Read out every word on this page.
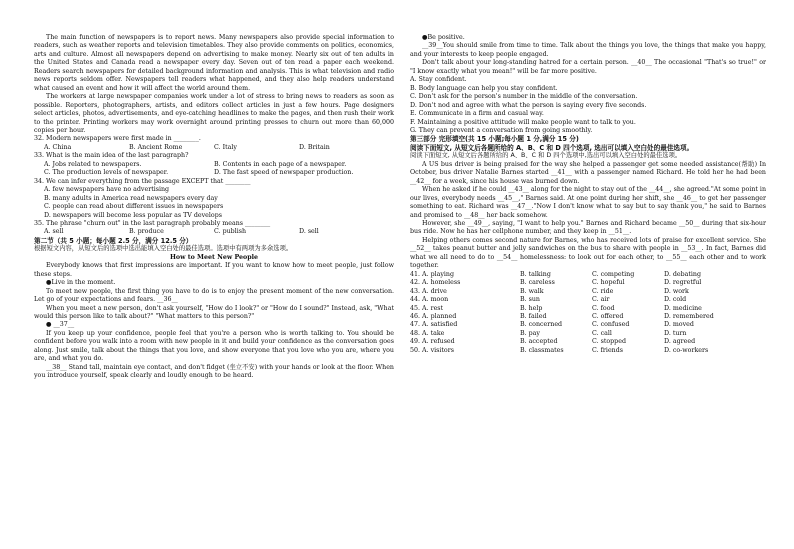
The main function of newspapers is to report news. Many newspapers also provide special information to readers, such as weather reports and television timetables. They also provide comments on politics, economics, arts and culture. Almost all newspapers depend on advertising to make money. Nearly six out of ten adults in the United States and Canada read a newspaper every day. Seven out of ten read a paper each weekend. Readers search newspapers for detailed background information and analysis. This is what television and radio news reports seldom offer. Newspapers tell readers what happened, and they also help readers understand what caused an event and how it will affect the world around them.

The workers at large newspaper companies work under a lot of stress to bring news to readers as soon as possible. Reporters, photographers, artists, and editors collect articles in just a few hours. Page designers select articles, photos, advertisements, and eye-catching headlines to make the pages, and then rush their work to the printer. Printing workers may work overnight around printing presses to churn out more than 60,000 copies per hour.

32. Modern newspapers were first made in ________.

A. China	B. Ancient Rome	C. Italy	D. Britain

33. What is the main idea of the last paragraph?

A. Jobs related to newspapers.	B. Contents in each page of a newspaper.
C. The production levels of newspaper.	D. The fast speed of newspaper production.

34. We can infer everything from the passage EXCEPT that ________

A. few newspapers have no advertising
B. many adults in America read newspapers every day
C. people can read about different issues in newspapers
D. newspapers will become less popular as TV develops

35. The phrase "churn out" in the last paragraph probably means ________

A. sell	B. produce	C. publish	D. sell

第二节（共 5 小题；每小题 2.5 分，满分 12.5 分）

根据短文内容，从短文后的选项中选出能填入空白处的最佳选项。选项中有两项为多余选项。

How to Meet New People

Everybody knows that first impressions are important. If you want to know how to meet people, just follow these steps.

●Live in the moment.

To meet new people, the first thing you have to do is to enjoy the present moment of the new conversation. Let go of your expectations and fears. __36__

When you meet a new person, don't ask yourself, "How do I look?" or "How do I sound?" Instead, ask, "What would this person like to talk about?" "What matters to this person?"

● __37__

If you keep up your confidence, people feel that you're a person who is worth talking to. You should be confident before you walk into a room with new people in it and build your confidence as the conversation goes along. Just smile, talk about the things that you love, and show everyone that you love who you are, where you are, and what you do.

__38__ Stand tall, maintain eye contact, and don't fidget (坐立不安) with your hands or look at the floor. When you introduce yourself, speak clearly and loudly enough to be heard.

●Be positive.

__39__You should smile from time to time. Talk about the things you love, the things that make you happy, and your interests to keep people engaged.

Don't talk about your long-standing hatred for a certain person. __40__ The occasional "That's so true!" or "I know exactly what you mean!" will be far more positive.

A. Stay confident.

B. Body language can help you stay confident.

C. Don't ask for the person's number in the middle of the conversation.

D. Don't nod and agree with what the person is saying every five seconds.

E. Communicate in a firm and casual way.

F. Maintaining a positive attitude will make people want to talk to you.

G. They can prevent a conversation from going smoothly.

第三部分 完形填空(共 15 小题;每小题 1 分,满分 15 分)

阅读下面短文, 从短文后各题所给的 A、B、C 和 D 四个选项, 选出可以填入空白处的最佳选项。

阅读下面短文, 从短文后各题所给的 A、B、C 和 D 四个选项中,选出可以填入空白处的最佳选项。

A US bus driver is being praised for the way she helped a passenger get some needed assistance(帮助) In October, bus driver Natalie Barnes started __41__ with a passenger named Richard. He told her he had been __42__ for a week, since his house was burned down.

When he asked if he could __43__ along for the night to stay out of the __44__, she agreed."At some point in our lives, everybody needs __45__," Barnes said. At one point during her shift, she __46__ to get her passenger something to eat. Richard was __47__."Now I don't know what to say but to say thank you," he said to Barnes and promised to __48__ her back somehow.

However, she __49__, saying, "I want to help you." Barnes and Richard became __50__ during that six-hour bus ride. Now he has her cellphone number, and they keep in __51__.

Helping others comes second nature for Barnes, who has received lots of praise for excellent service. She __52__ takes peanut butter and jelly sandwiches on the bus to share with people in __53__. In fact, Barnes did what we all need to do to __54__ homelessness: to look out for each other, to __55__ each other and to work together.

41. A. playing	B. talking	C. competing	D. debating
42. A. homeless	B. careless	C. hopeful	D. regretful
43. A. drive	B. walk	C. ride	D. work
44. A. moon	B. sun	C. air	D. cold
45. A. rest	B. help	C. food	D. medicine
46. A. planned	B. failed	C. offered	D. remembered
47. A. satisfied	B. concerned	C. confused	D. moved
48. A. take	B. pay	C. call	D. turn
49. A. refused	B. accepted	C. stopped	D. agreed
50. A. visitors	B. classmates	C. friends	D. co-workers
